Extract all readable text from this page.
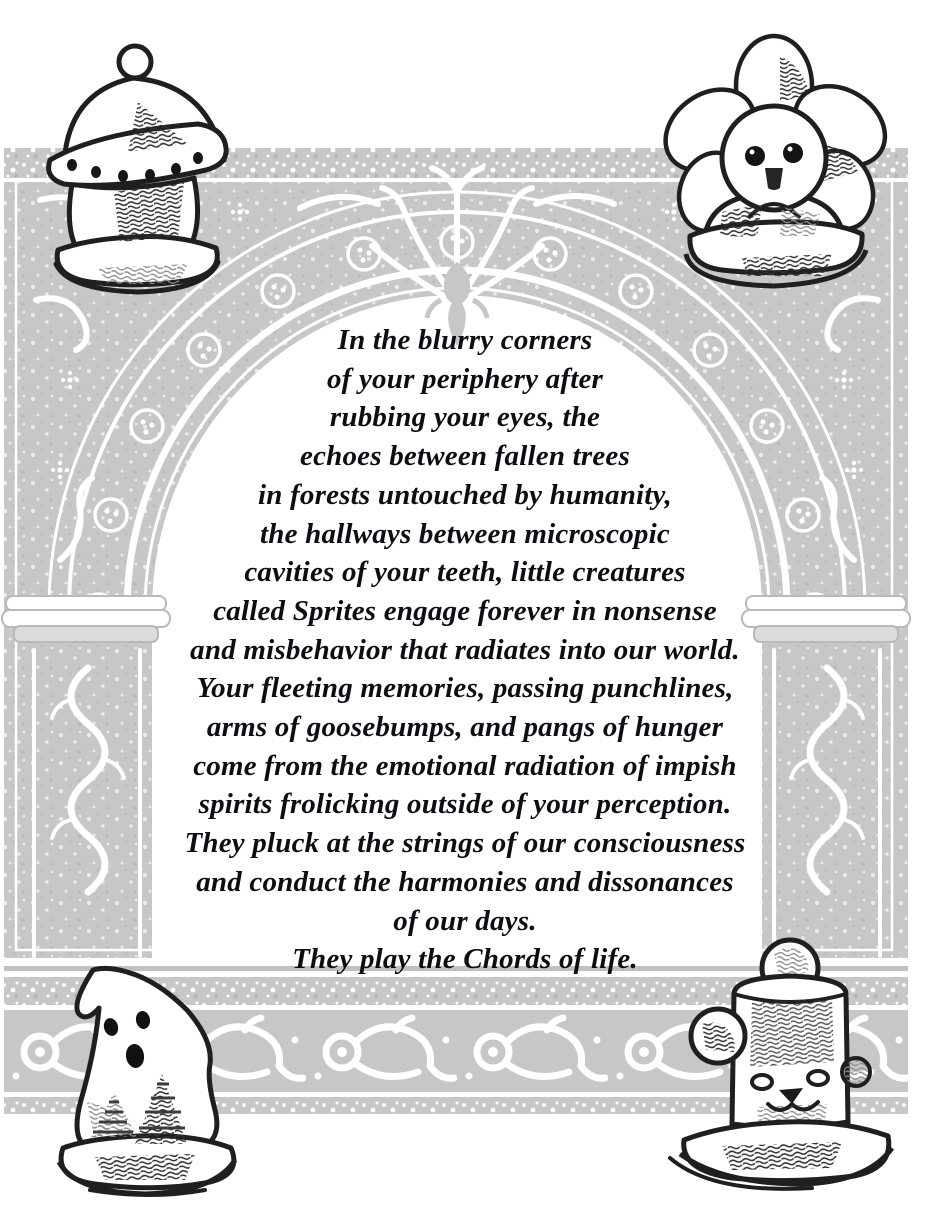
In the blurry corners
of your periphery after
rubbing your eyes, the
echoes between fallen trees
in forests untouched by humanity,
the hallways between microscopic
cavities of your teeth, little creatures
called Sprites engage forever in nonsense
and misbehavior that radiates into our world.
Your fleeting memories, passing punchlines,
arms of goosebumps, and pangs of hunger
come from the emotional radiation of impish
spirits frolicking outside of your perception.
They pluck at the strings of our consciousness
and conduct the harmonies and dissonances
of our days.
They play the Chords of life.
